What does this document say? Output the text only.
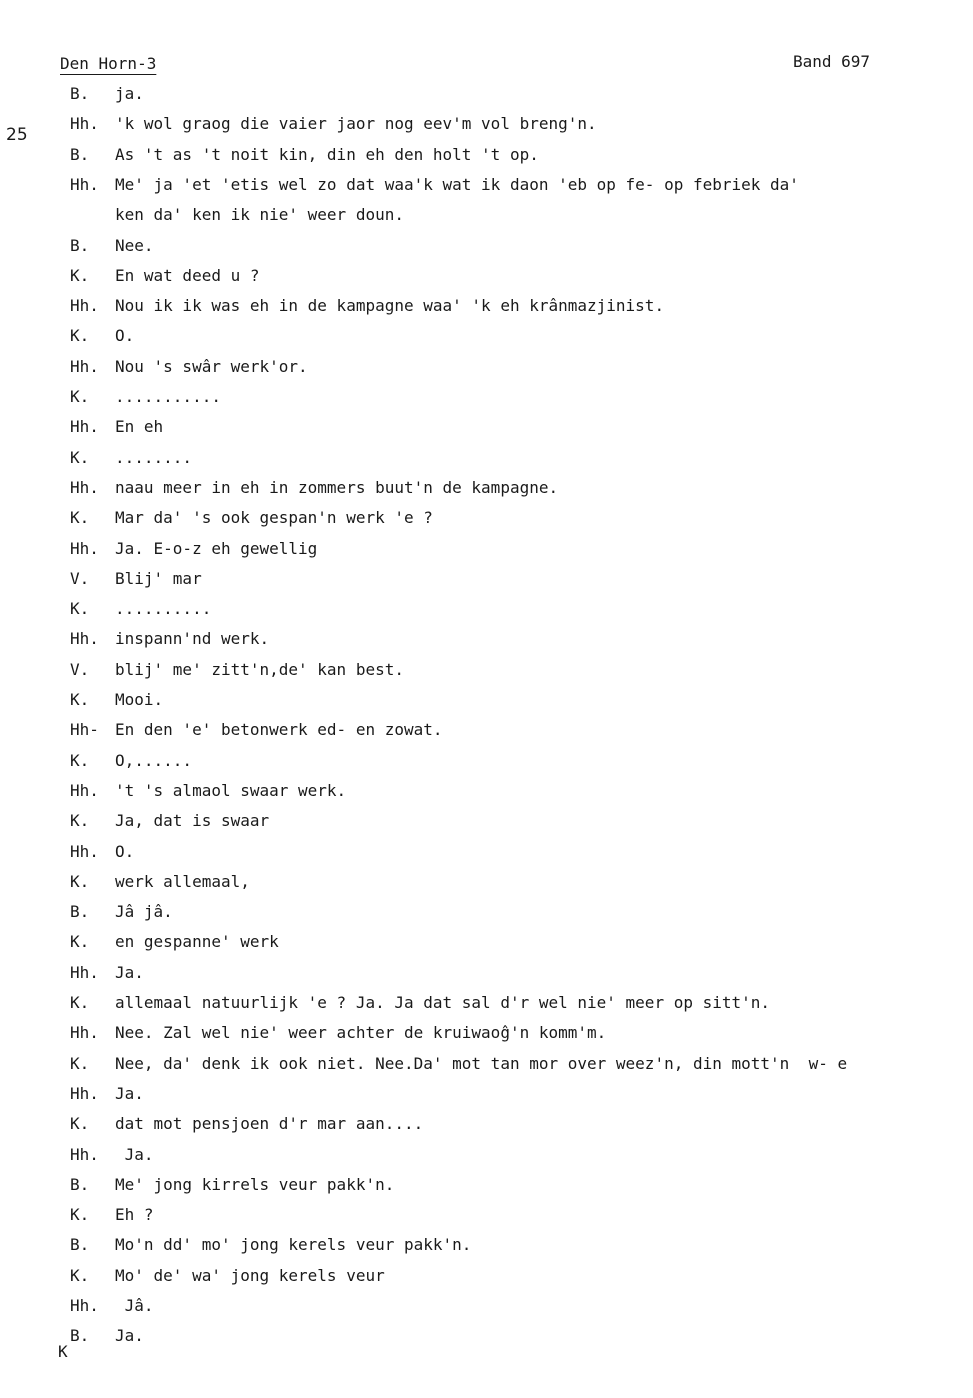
Den Horn-3	Band 697
25
B. ja.
Hh. 'k wol graog die vaier jaor nog eev'm vol breng'n.
B. As 't as 't noit kin, din eh den holt 't op.
Hh. Me' ja 'et 'etis wel zo dat waa'k wat ik daon 'eb op fe- op febriek da'
ken da' ken ik nie' weer doun.
B. Nee.
K. En wat deed u ?
Hh. Nou ik ik was eh in de kampagne waa' 'k eh krânmazjinist.
K. O.
Hh. Nou 's swâr werk'or.
K. ...........
Hh. En eh
K. ........
Hh. naau meer in eh in zommers buut'n de kampagne.
K. Mar da' 's ook gespan'n werk 'e ?
Hh. Ja. E-o-z eh gewellig
V. Blij' mar
K. ..........
Hh. inspann'nd werk.
V. blij' me' zitt'n,de' kan best.
K. Mooi.
Hh- En den 'e' betonwerk ed- en zowat.
K. O,......
Hh. 't 's almaol swaar werk.
K. Ja, dat is swaar
Hh. O.
K. werk allemaal,
B. Jâ jâ.
K. en gespanne' werk
Hh. Ja.
K. allemaal natuurlijk 'e ? Ja. Ja dat sal d'r wel nie' meer op sitt'n.
Hh. Nee. Zal wel nie' weer achter de kruiwaoĝ'n komm'm.
K. Nee, da' denk ik ook niet. Nee.Da' mot tan mor over weez'n, din mott'n  w- e
Hh. Ja.
K. dat mot pensjoen d'r mar aan....
Hh. Ja.
B. Me' jong kirrels veur pakk'n.
K. Eh ?
B. Mo'n dd' mo' jong kerels veur pakk'n.
K. Mo' de' wa' jong kerels veur
Hh. Jâ.
B. Ja.
K
